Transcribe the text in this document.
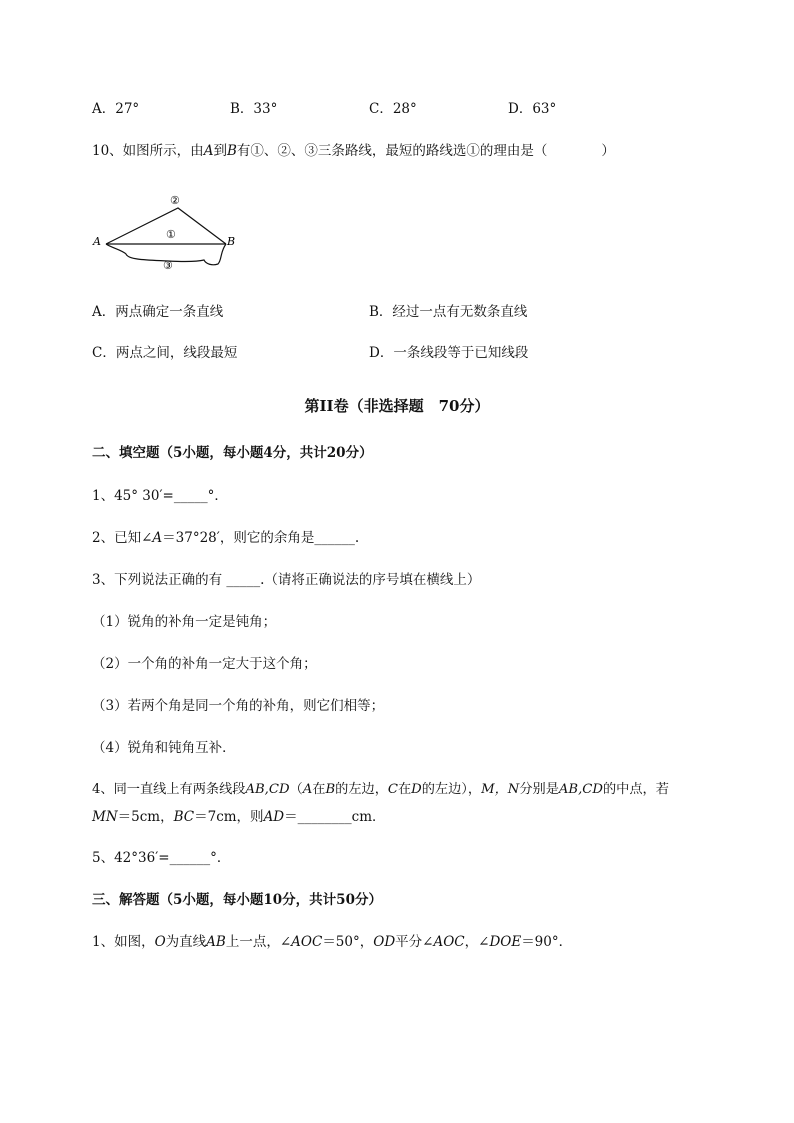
A．27°	B．33°	C．28°	D．63°
10、如图所示，由A到B有①、②、③三条路线，最短的路线选①的理由是（　　　　）
A	B
②
①
③
A．两点确定一条直线	B．经过一点有无数条直线
C．两点之间，线段最短	D．一条线段等于已知线段
第II卷（非选择题　70分）
二、填空题（5小题，每小题4分，共计20分）
1、45° 30′=_____°．
2、已知∠A＝37°28′，则它的余角是______.
3、下列说法正确的有 _____.（请将正确说法的序号填在横线上）
（1）锐角的补角一定是钝角；
（2）一个角的补角一定大于这个角；
（3）若两个角是同一个角的补角，则它们相等；
（4）锐角和钝角互补．
4、同一直线上有两条线段AB,CD（A在B的左边，C在D的左边），M，N分别是AB,CD的中点，若
MN＝5cm，BC＝7cm，则AD＝________cm．
5、42°36′=______°．
三、解答题（5小题，每小题10分，共计50分）
1、如图，O为直线AB上一点，∠AOC＝50°，OD平分∠AOC，∠DOE＝90°．
